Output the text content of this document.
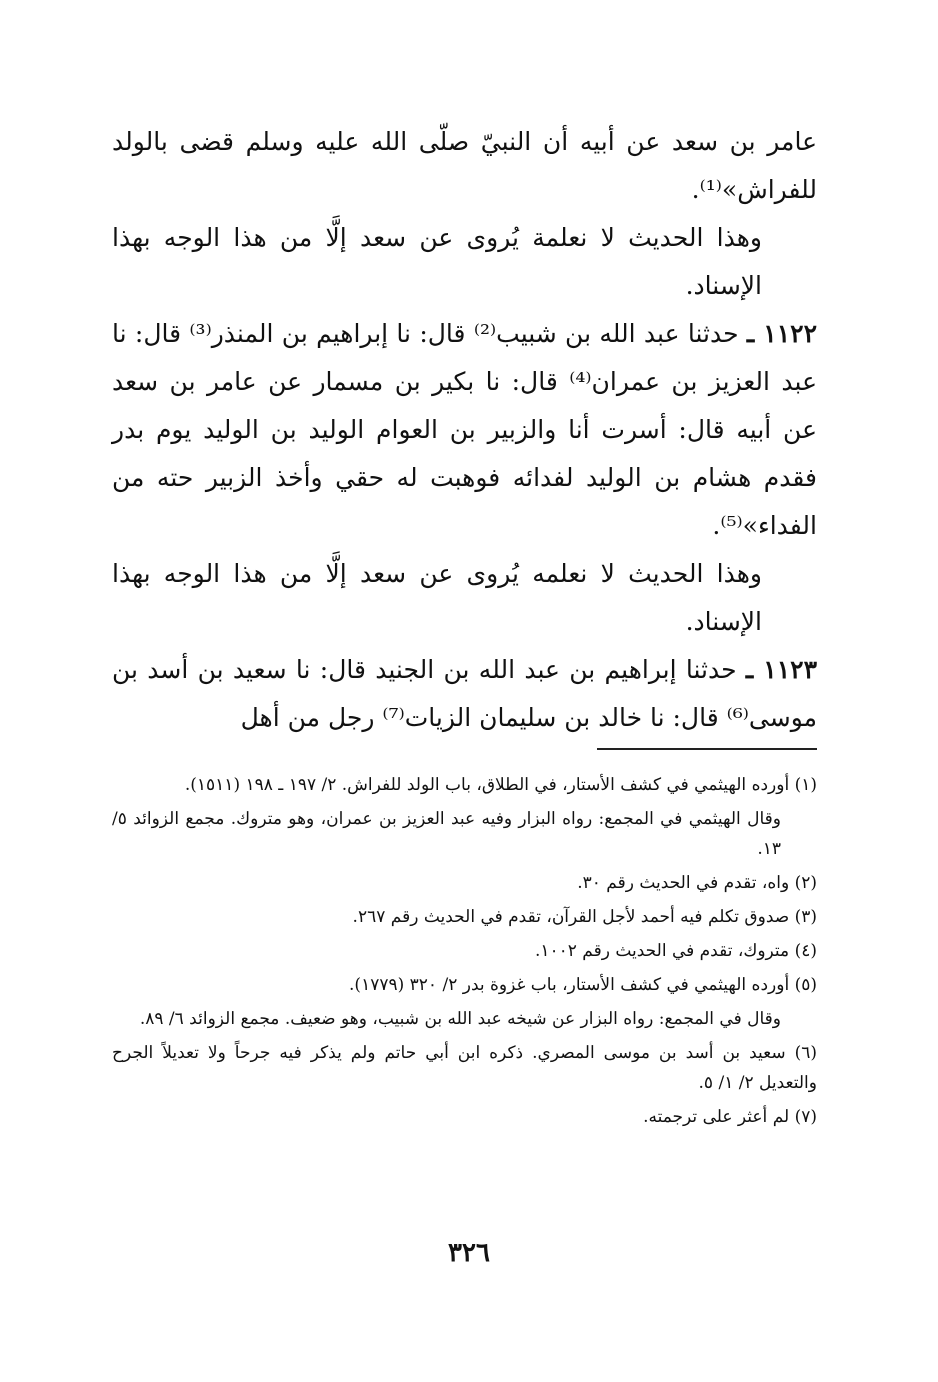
عامر بن سعد عن أبيه أن النبيّ صلّى الله عليه وسلم قضى بالولد للفراش»⁽¹⁾.

وهذا الحديث لا نعلمة يُروى عن سعد إلَّا من هذا الوجه بهذا الإسناد.

١١٢٢ ـ حدثنا عبد الله بن شبيب⁽²⁾ قال: نا إبراهيم بن المنذر⁽³⁾ قال: نا عبد العزيز بن عمران⁽⁴⁾ قال: نا بكير بن مسمار عن عامر بن سعد عن أبيه قال: أسرت أنا والزبير بن العوام الوليد بن الوليد يوم بدر فقدم هشام بن الوليد لفدائه فوهبت له حقي وأخذ الزبير حته من الفداء»⁽⁵⁾.

وهذا الحديث لا نعلمه يُروى عن سعد إلَّا من هذا الوجه بهذا الإسناد.

١١٢٣ ـ حدثنا إبراهيم بن عبد الله بن الجنيد قال: نا سعيد بن أسد بن موسى⁽⁶⁾ قال: نا خالد بن سليمان الزيات⁽⁷⁾ رجل من أهل

(١) أورده الهيثمي في كشف الأستار، في الطلاق، باب الولد للفراش. ٢/ ١٩٧ ـ ١٩٨ (١٥١١).

وقال الهيثمي في المجمع: رواه البزار وفيه عبد العزيز بن عمران، وهو متروك. مجمع الزوائد ٥/ ١٣.

(٢) واه، تقدم في الحديث رقم ٣٠.

(٣) صدوق تكلم فيه أحمد لأجل القرآن، تقدم في الحديث رقم ٢٦٧.

(٤) متروك، تقدم في الحديث رقم ١٠٠٢.

(٥) أورده الهيثمي في كشف الأستار، باب غزوة بدر ٢/ ٣٢٠ (١٧٧٩).

وقال في المجمع: رواه البزار عن شيخه عبد الله بن شبيب، وهو ضعيف. مجمع الزوائد ٦/ ٨٩.

(٦) سعيد بن أسد بن موسى المصري. ذكره ابن أبي حاتم ولم يذكر فيه جرحاً ولا تعديلاً الجرح والتعديل ٢/ ١/ ٥.

(٧) لم أعثر على ترجمته.

٣٢٦
